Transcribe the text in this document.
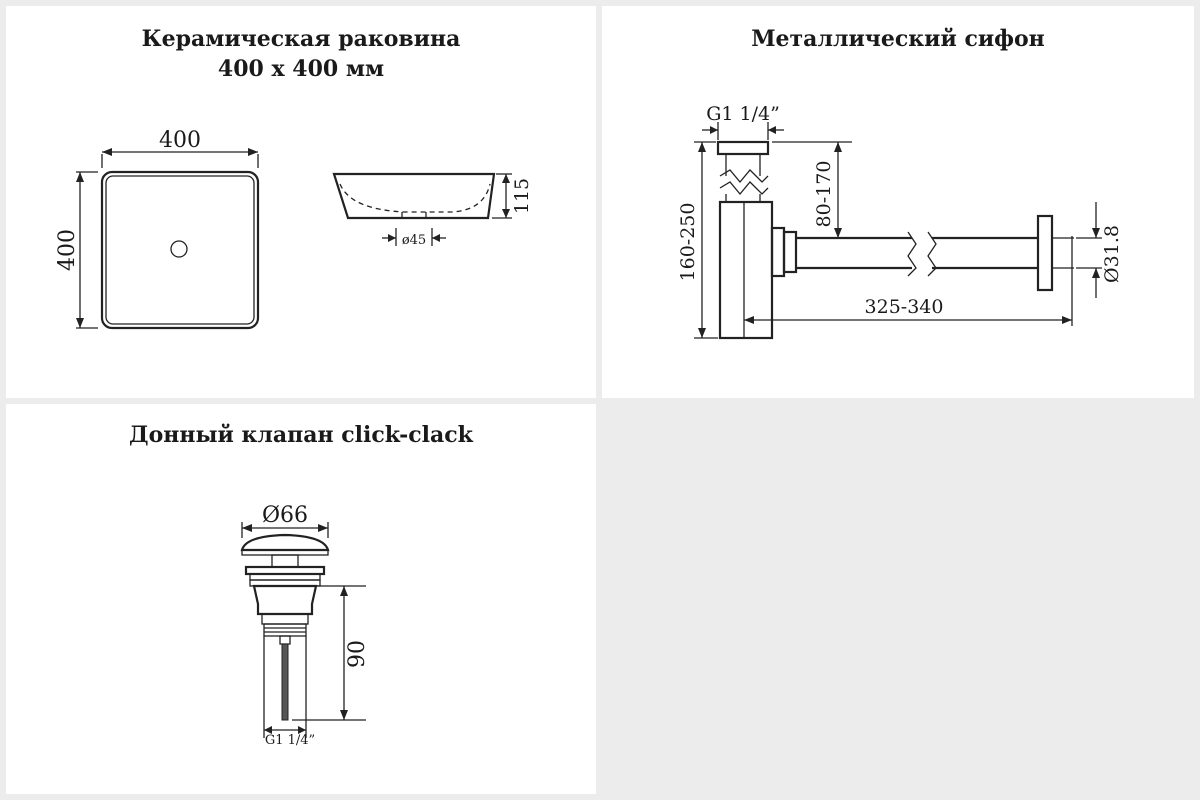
Керамическая раковина
400 x 400 мм
400
400
115
ø45
Металлический сифон
G1 1/4”
80-170
160-250
325-340
Ø31.8
Донный клапан click-clack
Ø66
90
G1 1/4”
